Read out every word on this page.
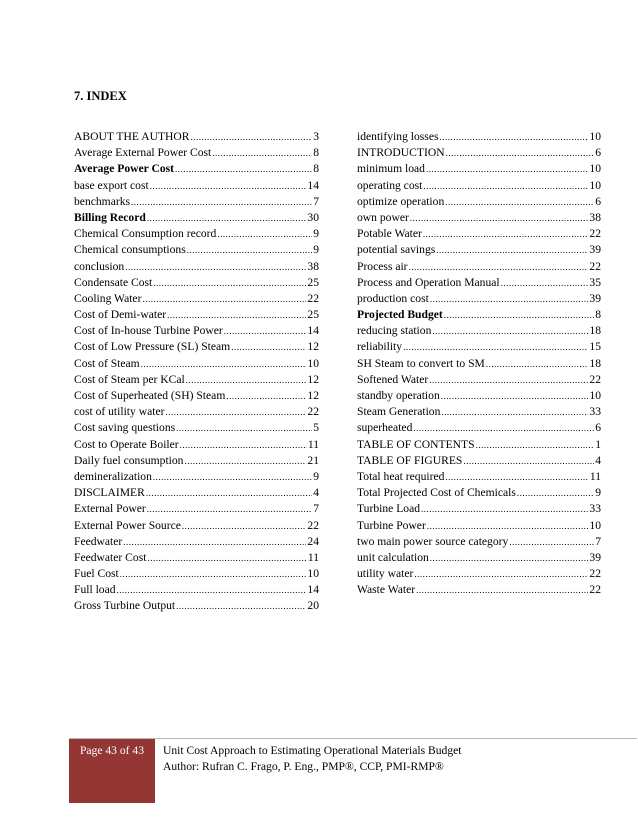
7. INDEX
ABOUT THE AUTHOR .....	3
Average External Power Cost .....	8
Average Power Cost .....	8
base export cost .....	14
benchmarks .....	7
Billing Record .....	30
Chemical Consumption record .....	9
Chemical consumptions .....	9
conclusion .....	38
Condensate Cost .....	25
Cooling Water .....	22
Cost of Demi-water .....	25
Cost of In-house Turbine Power .....	14
Cost of Low Pressure (SL) Steam .....	12
Cost of Steam .....	10
Cost of Steam per KCal .....	12
Cost of Superheated (SH) Steam .....	12
cost of utility water .....	22
Cost saving questions .....	5
Cost to Operate Boiler .....	11
Daily fuel consumption .....	21
demineralization .....	9
DISCLAIMER .....	4
External Power .....	7
External Power Source .....	22
Feedwater .....	24
Feedwater Cost .....	11
Fuel Cost .....	10
Full load .....	14
Gross Turbine Output .....	20
identifying losses .....	10
INTRODUCTION .....	6
minimum load .....	10
operating cost .....	10
optimize operation .....	6
own power .....	38
Potable Water .....	22
potential savings .....	39
Process air .....	22
Process and Operation Manual .....	35
production cost .....	39
Projected Budget .....	8
reducing station .....	18
reliability .....	15
SH Steam to convert to SM .....	18
Softened Water .....	22
standby operation .....	10
Steam Generation .....	33
superheated .....	6
TABLE OF CONTENTS .....	1
TABLE OF FIGURES .....	4
Total heat required .....	11
Total Projected Cost of Chemicals .....	9
Turbine Load .....	33
Turbine Power .....	10
two main power source category .....	7
unit calculation .....	39
utility water .....	22
Waste Water .....	22
Page 43 of 43	Unit Cost Approach to Estimating Operational Materials Budget
Author: Rufran C. Frago, P. Eng., PMP®, CCP, PMI-RMP®
